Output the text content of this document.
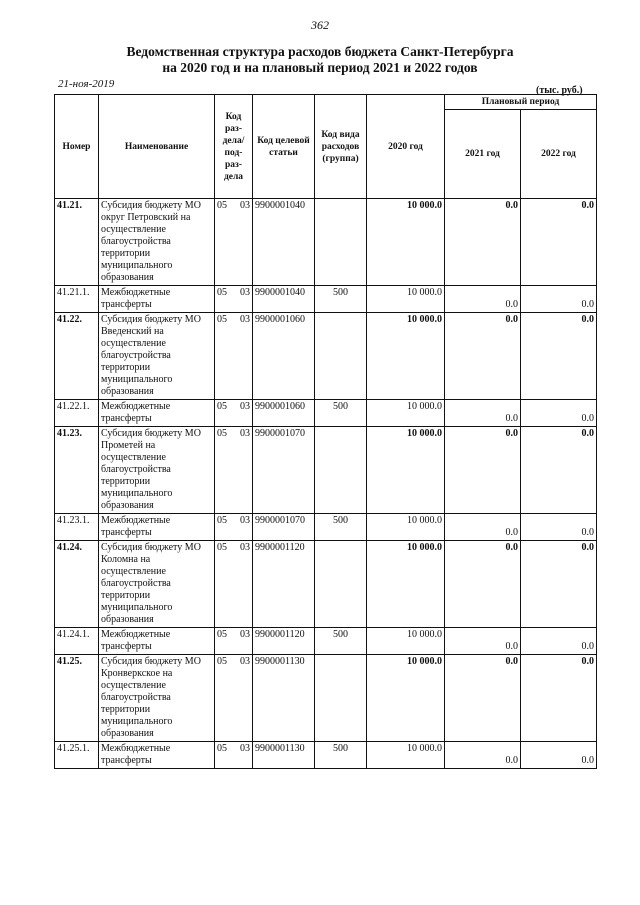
362
Ведомственная структура расходов бюджета Санкт-Петербурга
на 2020 год и на плановый период 2021 и 2022 годов
21-ноя-2019
(тыс. руб.)
Номер	Наименование	Код раз- дела/ под- раз- дела	Код целевой статьи	Код вида расходов (группа)	2020 год	Плановый период	
						2021 год	2022 год
41.21.	Субсидия бюджету МО округ Петровский на осуществление благоустройства территории муниципального образования	05 03	9900001040		10 000.0	0.0	0.0
41.21.1.	Межбюджетные трансферты	05 03	9900001040	500	10 000.0	0.0	0.0
41.22.	Субсидия бюджету МО Введенский на осуществление благоустройства территории муниципального образования	05 03	9900001060		10 000.0	0.0	0.0
41.22.1.	Межбюджетные трансферты	05 03	9900001060	500	10 000.0	0.0	0.0
41.23.	Субсидия бюджету МО Прометей на осуществление благоустройства территории муниципального образования	05 03	9900001070		10 000.0	0.0	0.0
41.23.1.	Межбюджетные трансферты	05 03	9900001070	500	10 000.0	0.0	0.0
41.24.	Субсидия бюджету МО Коломна на осуществление благоустройства территории муниципального образования	05 03	9900001120		10 000.0	0.0	0.0
41.24.1.	Межбюджетные трансферты	05 03	9900001120	500	10 000.0	0.0	0.0
41.25.	Субсидия бюджету МО Кронверкское на осуществление благоустройства территории муниципального образования	05 03	9900001130		10 000.0	0.0	0.0
41.25.1.	Межбюджетные трансферты	05 03	9900001130	500	10 000.0	0.0	0.0
